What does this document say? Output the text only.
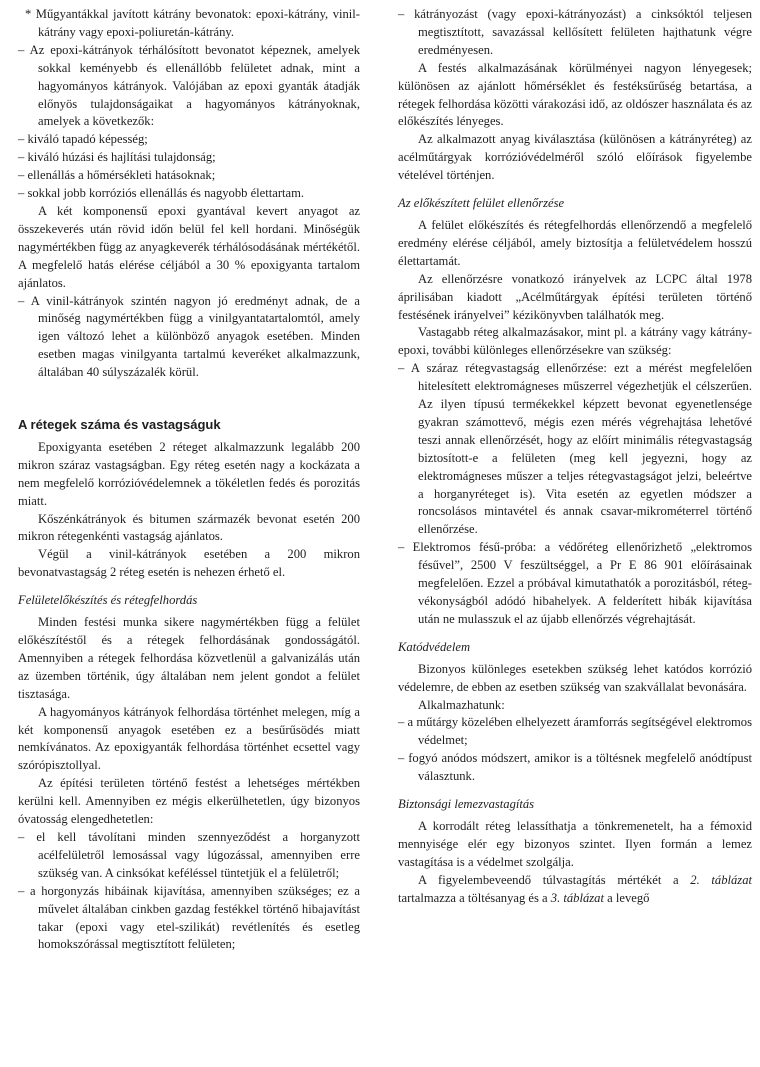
* Műgyantákkal javított kátrány bevonatok: epoxi-kátrány, vinil-kátrány vagy epoxi-poliuretán-kátrány.

– Az epoxi-kátrányok térhálósított bevonatot képeznek, amelyek sokkal keményebb és ellenállóbb felületet adnak, mint a hagyományos kátrányok. Valójában az epoxi gyanták átadják előnyös tulajdonságaikat a hagyományos kátrányoknak, amelyek a következők:

– kiváló tapadó képesség;

– kiváló húzási és hajlítási tulajdonság;

– ellenállás a hőmérsékleti hatásoknak;

– sokkal jobb korróziós ellenállás és nagyobb élettartam.

A két komponensű epoxi gyantával kevert anyagot az összekeverés után rövid időn belül fel kell hordani. Minőségük nagymértékben függ az anyagkeverék térhálósodásának mértékétől. A megfelelő hatás elérése céljából a 30 % epoxigyanta tartalom ajánlatos.

– A vinil-kátrányok szintén nagyon jó eredményt adnak, de a minőség nagymértékben függ a vinilgyantatartalomtól, amely igen változó lehet a különböző anyagok esetében. Minden esetben magas vinilgyanta tartalmú keveréket alkalmazzunk, általában 40 súlyszázalék körül.

A rétegek száma és vastagságuk

Epoxigyanta esetében 2 réteget alkalmazzunk legalább 200 mikron száraz vastagságban. Egy réteg esetén nagy a kockázata a nem megfelelő korrózióvédelemnek a tökéletlen fedés és porozitás miatt.

Kőszénkátrányok és bitumen származék bevonat esetén 200 mikron rétegenkénti vastagság ajánlatos.

Végül a vinil-kátrányok esetében a 200 mikron bevonatvastagság 2 réteg esetén is nehezen érhető el.

Felületelőkészítés és rétegfelhordás

Minden festési munka sikere nagymértékben függ a felület előkészítéstől és a rétegek felhordásának gondosságától. Amennyiben a rétegek felhordása közvetlenül a galvanizálás után az üzemben történik, úgy általában nem jelent gondot a felület tisztasága.

A hagyományos kátrányok felhordása történhet melegen, míg a két komponensű anyagok esetében ez a besűrűsödés miatt nemkívánatos. Az epoxigyanták felhordása történhet ecsettel vagy szórópisztollyal.

Az építési területen történő festést a lehetséges mértékben kerülni kell. Amennyiben ez mégis elkerülhetetlen, úgy bizonyos óvatosság elengedhetetlen:

– el kell távolítani minden szennyeződést a horganyzott acélfelületről lemosással vagy lúgozással, amennyiben erre szükség van. A cinksókat keféléssel tüntetjük el a felületről;

– a horgonyzás hibáinak kijavítása, amennyiben szükséges; ez a művelet általában cinkben gazdag festékkel történő hibajavítást takar (epoxi vagy etel-szilikát) revétlenítés és esetleg homokszórással megtisztított felületen;

– kátrányozást (vagy epoxi-kátrányozást) a cinksóktól teljesen megtisztított, savazással kellősített felületen hajthatunk végre eredményesen.

A festés alkalmazásának körülményei nagyon lényegesek; különösen az ajánlott hőmérséklet és festéksűrűség betartása, a rétegek felhordása közötti várakozási idő, az oldószer használata és az előkészítés lényeges.

Az alkalmazott anyag kiválasztása (különösen a kátrányréteg) az acélműtárgyak korrózióvédelméről szóló előírások figyelembe vételével történjen.

Az előkészített felület ellenőrzése

A felület előkészítés és rétegfelhordás ellenőrzendő a megfelelő eredmény elérése céljából, amely biztosítja a felületvédelem hosszú élettartamát.

Az ellenőrzésre vonatkozó irányelvek az LCPC által 1978 áprilisában kiadott „Acélműtárgyak építési területen történő festésének irányelvei” kézikönyvben találhatók meg.

Vastagabb réteg alkalmazásakor, mint pl. a kátrány vagy kátrány-epoxi, további különleges ellenőrzésekre van szükség:

– A száraz rétegvastagság ellenőrzése: ezt a mérést megfelelően hitelesített elektromágneses műszerrel végezhetjük el célszerűen. Az ilyen típusú termékekkel képzett bevonat egyenetlensége gyakran számottevő, mégis ezen mérés végrehajtása lehetővé teszi annak ellenőrzését, hogy az előírt minimális rétegvastagság biztosított-e a felületen (meg kell jegyezni, hogy az elektromágneses műszer a teljes rétegvastagságot jelzi, beleértve a horganyréteget is). Vita esetén az egyetlen módszer a roncsolásos mintavétel és annak csavar-mikrométerrel történő ellenőrzése.

– Elektromos fésű-próba: a védőréteg ellenőrizhető „elektromos fésűvel”, 2500 V feszültséggel, a Pr E 86 901 előírásainak megfelelően. Ezzel a próbával kimutathatók a porozitásból, réteg-vékonyságból adódó hibahelyek. A felderített hibák kijavítása után ne mulasszuk el az újabb ellenőrzés végrehajtását.

Katódvédelem

Bizonyos különleges esetekben szükség lehet katódos korrózió védelemre, de ebben az esetben szükség van szakvállalat bevonására.

Alkalmazhatunk:

– a műtárgy közelében elhelyezett áramforrás segítségével elektromos védelmet;

– fogyó anódos módszert, amikor is a töltésnek megfelelő anódtípust választunk.

Biztonsági lemezvastagítás

A korrodált réteg lelassíthatja a tönkremenetelt, ha a fémoxid mennyisége elér egy bizonyos szintet. Ilyen formán a lemez vastagítása is a védelmet szolgálja.

A figyelembeveendő túlvastagítás mértékét a 2. táblázat tartalmazza a töltésanyag és a 3. táblázat a levegő
